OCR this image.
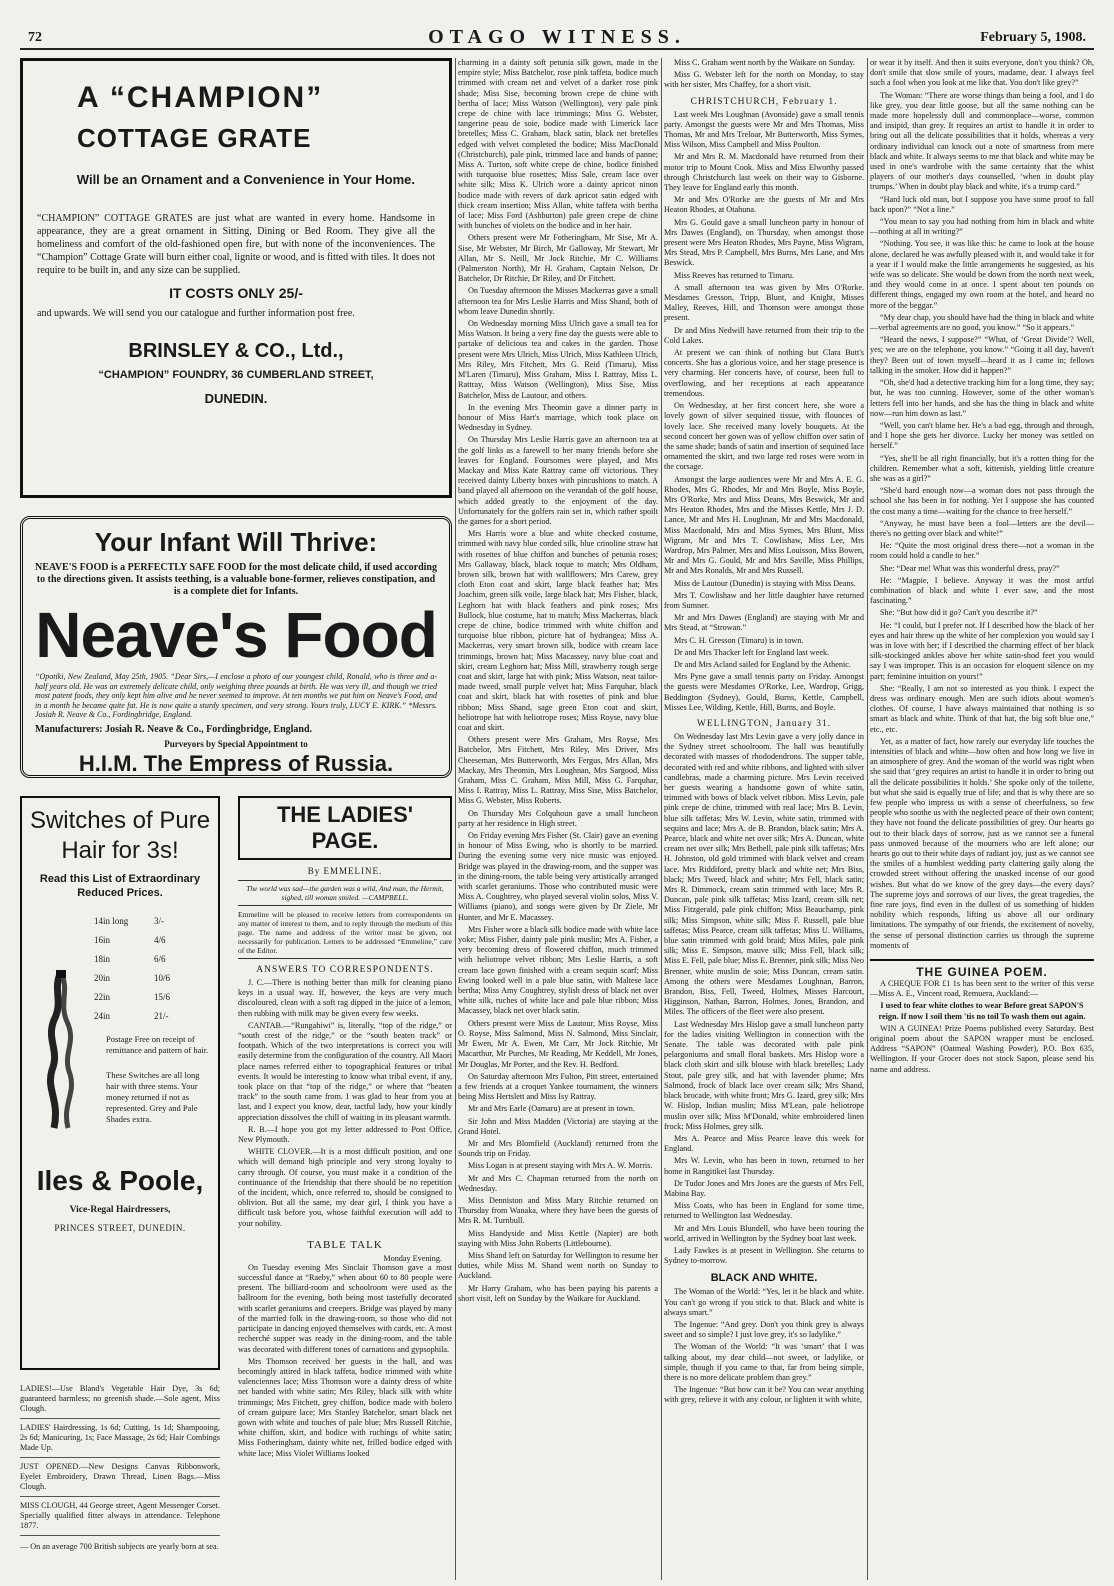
72	OTAGO WITNESS.	February 5, 1908.
A “CHAMPION”
COTTAGE GRATE
Will be an Ornament and a Convenience in Your Home.
“CHAMPION” COTTAGE GRATES are just what are wanted in every home. Handsome in appearance, they are a great ornament in Sitting, Dining or Bed Room. They give all the homeliness and comfort of the old-fashioned open fire, but with none of the inconveniences. The “Champion” Cottage Grate will burn either coal, lignite or wood, and is fitted with tiles. It does not require to be built in, and any size can be supplied.
IT COSTS ONLY 25/-
and upwards. We will send you our catalogue and further information post free.
BRINSLEY & CO., Ltd.,
“CHAMPION” FOUNDRY, 36 CUMBERLAND STREET,
DUNEDIN.
Your Infant Will Thrive:
NEAVE'S FOOD is a PERFECTLY SAFE FOOD for the most delicate child, if used according to the directions given. It assists teething, is a valuable bone-former, relieves constipation, and is a complete diet for Infants.
Neave's Food
“Opotiki, New Zealand, May 25th, 1905. “Dear Sirs,—I enclose a photo of our youngest child, Ronald, who is three and a-half years old. He was an extremely delicate child, only weighing three pounds at birth. He was very ill, and though we tried most patent foods, they only kept him alive and he never seemed to improve. At ten months we put him on Neave's Food, and in a month he became quite fat. He is now quite a sturdy specimen, and very strong. Yours truly, LUCY E. KIRK.” *Messrs. Josiah R. Neave & Co., Fordingbridge, England.
Manufacturers: Josiah R. Neave & Co., Fordingbridge, England.
Purveyors by Special Appointment to
H.I.M. The Empress of Russia.
Switches of Pure Hair for 3s!
Read this List of Extraordinary Reduced Prices.
14in long	3/-
16in	4/6
18in	6/6
20in	10/6
22in	15/6
24in	21/-
Postage Free on receipt of remittance and pattern of hair.
These Switches are all long hair with three stems. Your money returned if not as represented. Grey and Pale Shades extra.
Iles & Poole,
Vice-Regal Hairdressers,
PRINCES STREET, DUNEDIN.
LADIES!—Use Bland's Vegetable Hair Dye, 3s 6d; guaranteed harmless; no greenish shade.—Sole agent, Miss Clough.
LADIES' Hairdressing, 1s 6d; Cutting, 1s 1d; Shampooing, 2s 6d; Manicuring, 1s; Face Massage, 2s 6d; Hair Combings Made Up.
JUST OPENED.—New Designs Canvas Ribbonwork, Eyelet Embroidery, Drawn Thread, Linen Bags.—Miss Clough.
MISS CLOUGH, 44 George street, Agent Messenger Corset. Specially qualified fitter always in attendance. Telephone 1877.
— On an average 700 British subjects are yearly born at sea.
THE LADIES' PAGE.
By EMMELINE.
The world was sad—the garden was a wild, And man, the Hermit, sighed, till woman smiled. —CAMPBELL.
Emmeline will be pleased to receive letters from correspondents on any matter of interest to them, and to reply through the medium of this page. The name and address of the writer must be given, not necessarily for publication. Letters to be addressed “Emmeline,” care of the Editor.
ANSWERS TO CORRESPONDENTS.

J. C.—There is nothing better than milk for cleaning piano keys in a usual way. If, however, the keys are very much discoloured, clean with a soft rag dipped in the juice of a lemon, then rubbing with milk may be given every few weeks.

CANTAB.—“Rungahiwi” is, literally, “top of the ridge,” or “south crest of the ridge,” or the “south beaten track” or footpath. Which of the two interpretations is correct you will easily determine from the configuration of the country. All Maori place names referred either to topographical features or tribal events. It would be interesting to know what tribal event, if any, took place on that “top of the ridge,” or where that “beaten track” to the south came from. I was glad to hear from you at last, and I expect you know, dear, tactful lady, how your kindly appreciation dissolves the chill of waiting in its pleasant warmth.

R. B.—I hope you got my letter addressed to Post Office, New Plymouth.

WHITE CLOVER.—It is a most difficult position, and one which will demand high principle and very strong loyalty to carry through. Of course, you must make it a condition of the continuance of the friendship that there should be no repetition of the incident, which, once referred to, should be consigned to oblivion. But all the same, my dear girl, I think you have a difficult task before you, whose faithful execution will add to your nobility.

TABLE TALK
Monday Evening.

On Tuesday evening Mrs Sinclair Thomson gave a most successful dance at “Raeby,” when about 60 to 80 people were present. The billiard-room and schoolroom were used as the ballroom for the evening, both being most tastefully decorated with scarlet geraniums and creepers. Bridge was played by many of the married folk in the drawing-room, so those who did not participate in dancing enjoyed themselves with cards, etc. A most recherché supper was ready in the dining-room, and the table was decorated with different tones of carnations and gypsophila.

Mrs Thomson received her guests in the hall, and was becomingly attired in black taffeta, bodice trimmed with white valenciennes lace; Miss Thomson wore a dainty dress of white net banded with white satin; Mrs Riley, black silk with white trimmings; Mrs Fitchett, grey chiffon, bodice made with bolero of cream guipure lace; Mrs Stanley Batchelor, smart black net gown with white and touches of pale blue; Mrs Russell Ritchie, white chiffon, skirt, and bodice with ruchings of white satin; Miss Fotheringham, dainty white net, frilled bodice edged with white lace; Miss Violet Williams looked

charming in a dainty soft petunia silk gown, made in the empire style; Miss Batchelor, rose pink taffeta, bodice much trimmed with cream net and velvet of a darker rose pink shade; Miss Sise, becoming brown crepe de chine with bertha of lace; Miss Watson (Wellington), very pale pink crepe de chine with lace trimmings; Miss G. Webster, tangerine peau de soie, bodice made with Limerick lace bretelles; Miss C. Graham, black satin, black net bretelles edged with velvet completed the bodice; Miss MacDonald (Christchurch), pale pink, trimmed lace and bands of panne; Miss A. Turton, soft white crepe de chine, bodice finished with turquoise blue rosettes; Miss Sale, cream lace over white silk; Miss K. Ulrich wore a dainty apricot ninon bodice made with revers of dark apricot satin edged with thick cream insertion; Miss Allan, white taffeta with bertha of lace; Miss Ford (Ashburton) pale green crepe de chine with bunches of violets on the bodice and in her hair.

Others present were Mr Fotheringham, Mr Sise, Mr A. Sise, Mr Webster, Mr Birch, Mr Galloway, Mr Stewart, Mr Allan, Mr S. Neill, Mr Jock Ritchie, Mr C. Williams (Palmerston North), Mr H. Graham, Captain Nelson, Dr Batchelor, Dr Ritchie, Dr Riley, and Dr Fitchett.

On Tuesday afternoon the Misses Mackerras gave a small afternoon tea for Mrs Leslie Harris and Miss Shand, both of whom leave Dunedin shortly.

On Wednesday morning Miss Ulrich gave a small tea for Miss Watson. It being a very fine day the guests were able to partake of delicious tea and cakes in the garden. Those present were Mrs Ulrich, Miss Ulrich, Miss Kathleen Ulrich, Mrs Riley, Mrs Fitchett, Mrs G. Reid (Timaru), Miss M'Laren (Timaru), Miss Graham, Miss I. Rattray, Miss L. Rattray, Miss Watson (Wellington), Miss Sise, Miss Batchelor, Miss de Lautour, and others.

In the evening Mrs Theomin gave a dinner party in honour of Miss Hart's marriage, which took place on Wednesday in Sydney.

On Thursday Mrs Leslie Harris gave an afternoon tea at the golf links as a farewell to her many friends before she leaves for England. Foursomes were played, and Mrs Mackay and Miss Kate Rattray came off victorious. They received dainty Liberty boxes with pincushions to match. A band played all afternoon on the verandah of the golf house, which added greatly to the enjoyment of the day. Unfortunately for the golfers rain set in, which rather spoilt the games for a short period.

Mrs Harris wore a blue and white checked costume, trimmed with navy blue corded silk, blue crinoline straw hat with rosettes of blue chiffon and bunches of petunia roses; Mrs Gallaway, black, black toque to match; Mrs Oldham, brown silk, brown hat with wallflowers; Mrs Carew, grey cloth Eton coat and skirt, large black feather hat; Mrs Joachim, green silk voile, large black hat; Mrs Fisher, black, Leghorn hat with black feathers and pink roses; Mrs Bullock, blue costume, hat to match; Miss Mackerras, black crepe de chine, bodice trimmed with white chiffon and turquoise blue ribbon, picture hat of hydrangea; Miss A. Mackerras, very smart brown silk, bodice with cream lace trimmings, brown hat; Miss Macassey, navy blue coat and skirt, cream Leghorn hat; Miss Mill, strawberry rough serge coat and skirt, large hat with pink; Miss Watson, neat tailor-made tweed, small purple velvet hat; Miss Farquhar, black coat and skirt, black hat with rosettes of pink and blue ribbon; Miss Shand, sage green Eton coat and skirt, heliotrope hat with heliotrope roses; Miss Royse, navy blue coat and skirt.

Others present were Mrs Graham, Mrs Royse, Mrs Batchelor, Mrs Fitchett, Mrs Riley, Mrs Driver, Mrs Cheeseman, Mrs Butterworth, Mrs Fergus, Mrs Allan, Mrs Mackay, Mrs Theomin, Mrs Loughnan, Mrs Sargood, Miss Graham, Miss C. Graham, Miss Mill, Miss G. Farquhar, Miss I. Rattray, Miss L. Rattray, Miss Sise, Miss Batchelor, Miss G. Webster, Miss Roberts.

On Thursday Mrs Colquhoun gave a small luncheon party at her residence in High street.

On Friday evening Mrs Fisher (St. Clair) gave an evening in honour of Miss Ewing, who is shortly to be married. During the evening some very nice music was enjoyed. Bridge was played in the drawing-room, and the supper was in the dining-room, the table being very artistically arranged with scarlet geraniums. Those who contributed music were Miss A. Coughtrey, who played several violin solos, Miss V. Williams (piano), and songs were given by Dr Ziele, Mr Hunter, and Mr E. Macassey.

Mrs Fisher wore a black silk bodice made with white lace yoke; Miss Fisher, dainty pale pink muslin; Mrs A. Fisher, a very becoming dress of flowered chiffon, much trimmed with heliotrope velvet ribbon; Mrs Leslie Harris, a soft cream lace gown finished with a cream sequin scarf; Miss Ewing looked well in a pale blue satin, with Maltese lace bertha; Miss Amy Coughtrey, stylish dress of black net over white silk, ruches of white lace and pale blue ribbon; Miss Macassey, black net over black satin.

Others present were Miss de Lautour, Miss Royse, Miss O. Royse, Miss Salmond, Miss N. Salmond, Miss Sinclair, Mr Ewen, Mr A. Ewen, Mr Carr, Mr Jock Ritchie, Mr Macarthur, Mr Purches, Mr Reading, Mr Keddell, Mr Jones, Mr Douglas, Mr Porter, and the Rev. H. Bedford.

On Saturday afternoon Mrs Fulton, Pitt street, entertained a few friends at a croquet Yankee tournament, the winners being Miss Hertslett and Miss Isy Rattray.

Mr and Mrs Earle (Oamaru) are at present in town.

Sir John and Miss Madden (Victoria) are staying at the Grand Hotel.

Mr and Mrs Blomfield (Auckland) returned from the Sounds trip on Friday.

Miss Logan is at present staying with Mrs A. W. Morris.

Mr and Mrs C. Chapman returned from the north on Wednesday.

Miss Denniston and Miss Mary Ritchie returned on Thursday from Wanaka, where they have been the guests of Mrs R. M. Turnbull.

Miss Handyside and Miss Kettle (Napier) are both staying with Miss John Roberts (Littlebourne).

Miss Shand left on Saturday for Wellington to resume her duties, while Miss M. Shand went north on Sunday to Auckland.

Mr Harry Graham, who has been paying his parents a short visit, left on Sunday by the Waikare for Auckland.

Miss C. Graham went north by the Waikare on Sunday.

Miss G. Webster left for the north on Monday, to stay with her sister, Mrs Chaffey, for a short visit.

CHRISTCHURCH, February 1.

Last week Mrs Loughnan (Avonside) gave a small tennis party. Amongst the guests were Mr and Mrs Thomas, Miss Thomas, Mr and Mrs Treloar, Mr Butterworth, Miss Symes, Miss Wilson, Miss Campbell and Miss Poulton.

Mr and Mrs R. M. Macdonald have returned from their motor trip to Mount Cook. Miss and Miss Elworthy passed through Christchurch last week on their way to Gisborne. They leave for England early this month.

Mr and Mrs O'Rorke are the guests of Mr and Mrs Heaton Rhodes, at Otahuna.

Mrs G. Gould gave a small luncheon party in honour of Mrs Dawes (England), on Thursday, when amongst those present were Mrs Heaton Rhodes, Mrs Payne, Miss Wigram, Mrs Stead, Mrs P. Campbell, Mrs Burns, Mrs Lane, and Mrs Beswick.

Miss Reeves has returned to Timaru.

A small afternoon tea was given by Mrs O'Rorke. Mesdames Gresson, Tripp, Blunt, and Knight, Misses Malley, Reeves, Hill, and Thomson were amongst those present.

Dr and Miss Nedwill have returned from their trip to the Cold Lakes.

At present we can think of nothing but Clara Butt's concerts. She has a glorious voice, and her stage presence is very charming. Her concerts have, of course, been full to overflowing, and her receptions at each appearance tremendous.

On Wednesday, at her first concert here, she wore a lovely gown of silver sequined tissue, with flounces of lovely lace. She received many lovely bouquets. At the second concert her gown was of yellow chiffon over satin of the same shade; bands of satin and insertion of sequined lace ornamented the skirt, and two large red roses were worn in the corsage.

Amongst the large audiences were Mr and Mrs A. E. G. Rhodes, Mrs G. Rhodes, Mr and Mrs Boyle, Miss Boyle, Mrs O'Rorke, Mrs and Miss Deans, Mrs Beswick, Mr and Mrs Heaton Rhodes, Mrs and the Misses Kettle, Mrs J. D. Lance, Mr and Mrs H. Loughnan, Mr and Mrs Macdonald, Miss Macdonald, Mrs and Miss Symes, Mrs Blunt, Miss Wigram, Mr and Mrs T. Cowlishaw, Miss Lee, Mrs Wardrop, Mrs Palmer, Mrs and Miss Louisson, Miss Bowen, Mr and Mrs G. Gould, Mr and Mrs Saville, Miss Phillips, Mr and Mrs Ronalds, Mr and Mrs Russell.

Miss de Lautour (Dunedin) is staying with Miss Deans.

Mrs T. Cowlishaw and her little daughter have returned from Sumner.

Mr and Mrs Dawes (England) are staying with Mr and Mrs Stead, at “Strowan.”

Mrs C. H. Gresson (Timaru) is in town.

Dr and Mrs Thacker left for England last week.

Dr and Mrs Acland sailed for England by the Athenic.

Mrs Pyne gave a small tennis party on Friday. Amongst the guests were Mesdames O'Rorke, Lee, Wardrop, Grigg, Beddington (Sydney), Gould, Burns, Kettle, Campbell, Misses Lee, Wilding, Kettle, Hill, Burns, and Boyle.

WELLINGTON, January 31.

On Wednesday last Mrs Levin gave a very jolly dance in the Sydney street schoolroom. The hall was beautifully decorated with masses of rhododendrons. The supper table, decorated with red and white ribbons, and lighted with silver candlebras, made a charming picture. Mrs Levin received her guests wearing a handsome gown of white satin, trimmed with bows of black velvet ribbon. Miss Levin, pale pink crepe de chine, trimmed with real lace; Mrs B. Levin, blue silk taffetas; Mrs W. Levin, white satin, trimmed with sequins and lace; Mrs A. de B. Brandon, black satin; Mrs A. Pearce, black and white net over silk; Mrs A. Duncan, white cream net over silk; Mrs Bethell, pale pink silk taffetas; Mrs H. Johnston, old gold trimmed with black velvet and cream lace. Mrs Riddiford, pretty black and white net; Mrs Biss, black; Mrs Tweed, black and white; Mrs Fell, black satin; Mrs R. Dimmock, cream satin trimmed with lace; Mrs R. Duncan, pale pink silk taffetas; Miss Izard, cream silk net; Miss Fitzgerald, pale pink chiffon; Miss Beauchamp, pink silk; Miss Simpson, white silk; Miss F. Russell, pale blue taffetas; Miss Pearce, cream silk taffetas; Miss U. Williams, blue satin trimmed with gold braid; Miss Miles, pale pink silk; Miss E. Simpson, mauve silk; Miss Fell, black silk; Miss E. Fell, pale blue; Miss E. Brenner, pink silk; Miss Neo Brenner, white muslin de soie; Miss Duncan, cream satin. Among the others were Mesdames Loughnan, Barron, Brandon, Biss, Fell, Tweed, Holmes, Misses Harcourt, Higginson, Nathan, Barron, Holmes, Jones, Brandon, and Miles. The officers of the fleet were also present.

Last Wednesday Mrs Hislop gave a small luncheon party for the ladies visiting Wellington in connection with the Senate. The table was decorated with pale pink pelargoniums and small floral baskets. Mrs Hislop wore a black cloth skirt and silk blouse with black bretelles; Lady Stout, pale grey silk, and hat with lavender plume; Mrs Salmond, frock of black lace over cream silk; Mrs Shand, black brocade, with white front; Mrs G. Izard, grey silk; Mrs W. Hislop, Indian muslin; Miss M'Lean, pale heliotrope muslin over silk; Miss M'Donald, white embroidered linen frock; Miss Holmes, grey silk.

Mrs A. Pearce and Miss Pearce leave this week for England.

Mrs W. Levin, who has been in town, returned to her home in Rangitikei last Thursday.

Dr Tudor Jones and Mrs Jones are the guests of Mrs Fell, Mabina Bay.

Miss Coats, who has been in England for some time, returned to Wellington last Wednesday.

Mr and Mrs Louis Blundell, who have been touring the world, arrived in Wellington by the Sydney boat last week.

Lady Fawkes is at present in Wellington. She returns to Sydney to-morrow.

BLACK AND WHITE.

The Woman of the World: “Yes, let it be black and white. You can't go wrong if you stick to that. Black and white is always smart.”

The Ingenue: “And grey. Don't you think grey is always sweet and so simple? I just love grey, it's so ladylike.”

The Woman of the World: “It was ‘smart’ that I was talking about, my dear child—not sweet, or ladylike, or simple, though if you came to that, far from being simple, there is no more delicate problem than grey.”

The Ingenue: “But how can it be? You can wear anything with grey, relieve it with any colour, or lighten it with white,

or wear it by itself. And then it suits everyone, don't you think? Oh, don't smile that slow smile of yours, madame, dear. I always feel such a fool when you look at me like that. You don't like grey?”

The Woman: “There are worse things than being a fool, and I do like grey, you dear little goose, but all the same nothing can be made more hopelessly dull and commonplace—worse, common and insipid, than grey. It requires an artist to handle it in order to bring out all the delicate possibilities that it holds, whereas a very ordinary individual can knock out a note of smartness from mere black and white. It always seems to me that black and white may be used in one's wardrobe with the same certainty that the whist players of our mother's days counselled, ‘when in doubt play trumps.’ When in doubt play black and white, it's a trump card.”

“Hard luck old man, but I suppose you have some proof to fall back upon?” “Not a line.”

“You mean to say you had nothing from him in black and white—nothing at all in writing?”

“Nothing. You see, it was like this: he came to look at the house alone, declared he was awfully pleased with it, and would take it for a year if I would make the little arrangements he suggested, as his wife was so delicate. She would be down from the north next week, and they would come in at once. I spent about ten pounds on different things, engaged my own room at the hotel, and heard no more of the beggar.”

“My dear chap, you should have had the thing in black and white—verbal agreements are no good, you know.” “So it appears.”

“Heard the news, I suppose?” “What, of ‘Great Divide’? Well, yes; we are on the telephone, you know.” “Going it all day, haven't they? Been out of town myself—heard it as I came in; fellows talking in the smoker. How did it happen?”

“Oh, she'd had a detective tracking him for a long time, they say; but, he was too cunning. However, some of the other woman's letters fell into her hands, and she has the thing in black and white now—run him down as last.”

“Well, you can't blame her. He's a bad egg, through and through, and I hope she gets her divorce. Lucky her money was settled on herself.”

“Yes, she'll be all right financially, but it's a rotten thing for the children. Remember what a soft, kittenish, yielding little creature she was as a girl?”

“She'd hard enough now—a woman does not pass through the school she has been in for nothing. Yet I suppose she has counted the cost many a time—waiting for the chance to free herself.”

“Anyway, he must have been a fool—letters are the devil—there's no getting over black and white!”

He: “Quite the most original dress there—not a woman in the room could hold a candle to her.”

She: “Dear me! What was this wonderful dress, pray?”

He: “Magpie, I believe. Anyway it was the most artful combination of black and white I ever saw, and the most fascinating.”

She: “But how did it go? Can't you describe it?”

He: “I could, but I prefer not. If I described how the black of her eyes and hair threw up the white of her complexion you would say I was in love with her; if I described the charming effect of her black silk-stockinged ankles above her white satin-shod feet you would say I was improper. This is an occasion for eloquent silence on my part; feminine intuition on yours!”

She: “Really, I am not so interested as you think. I expect the dress was ordinary enough. Men are such idiots about women's clothes. Of course, I have always maintained that nothing is so smart as black and white. Think of that hat, the big soft blue one,” etc., etc.

Yet, as a matter of fact, how rarely our everyday life touches the intensities of black and white—how often and how long we live in an atmosphere of grey. And the woman of the world was right when she said that ‘grey requires an artist to handle it in order to bring out all the delicate possibilities it holds.’ She spoke only of the toilette, but what she said is equally true of life; and that is why there are so few people who impress us with a sense of cheerfulness, so few people who soothe us with the neglected peace of their own content; they have not found the delicate possibilities of grey. Our hearts go out to their black days of sorrow, just as we cannot see a funeral pass unmoved because of the mourners who are left alone; our hearts go out to their white days of radiant joy, just as we cannot see the smiles of a humblest wedding party clattering gaily along the crowded street without offering the unasked incense of our good wishes. But what do we know of the grey days—the every days? The supreme joys and sorrows of our lives, the great tragedies, the fine rare joys, find even in the dullest of us something of hidden nobility which responds, lifting us above all our ordinary limitations. The sympathy of our friends, the excitement of novelty, the sense of personal distinction carries us through the supreme moments of

THE GUINEA POEM.

A CHEQUE FOR £1 1s has been sent to the writer of this verse—Miss A. E., Vincent road, Remuera, Auckland:—

I used to fear white clothes to wear Before great SAPON'S reign. If now I soil them 'tis no toil To wash them out again.

WIN A GUINEA! Prize Poems published every Saturday. Best original poem about the SAPON wrapper must be enclosed. Address “SAPON” (Oatmeal Washing Powder), P.O. Box 635, Wellington. If your Grocer does not stock Sapon, please send his name and address.
